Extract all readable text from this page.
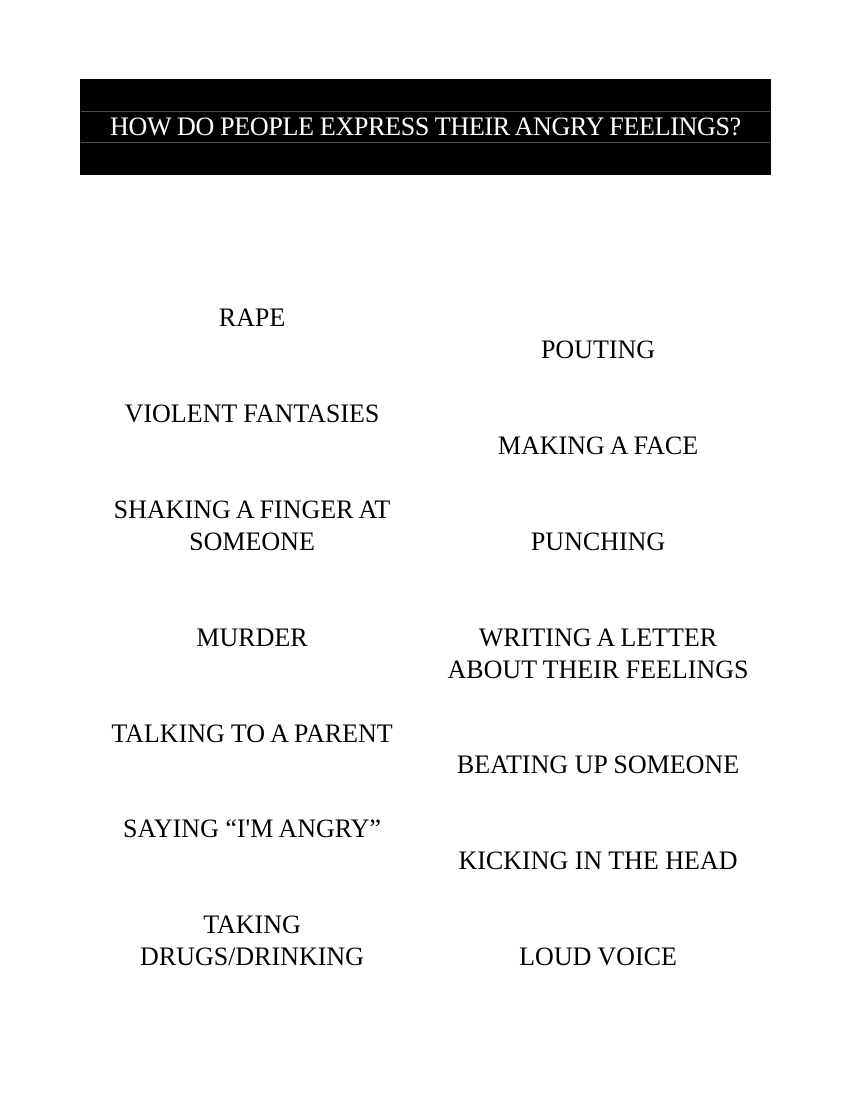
HOW DO PEOPLE EXPRESS THEIR ANGRY FEELINGS?
RAPE
VIOLENT FANTASIES
SHAKING A FINGER AT
SOMEONE
MURDER
TALKING TO A PARENT
SAYING “I'M ANGRY”
TAKING
DRUGS/DRINKING
POUTING
MAKING A FACE
PUNCHING
WRITING A LETTER
ABOUT THEIR FEELINGS
BEATING UP SOMEONE
KICKING IN THE HEAD
LOUD VOICE
